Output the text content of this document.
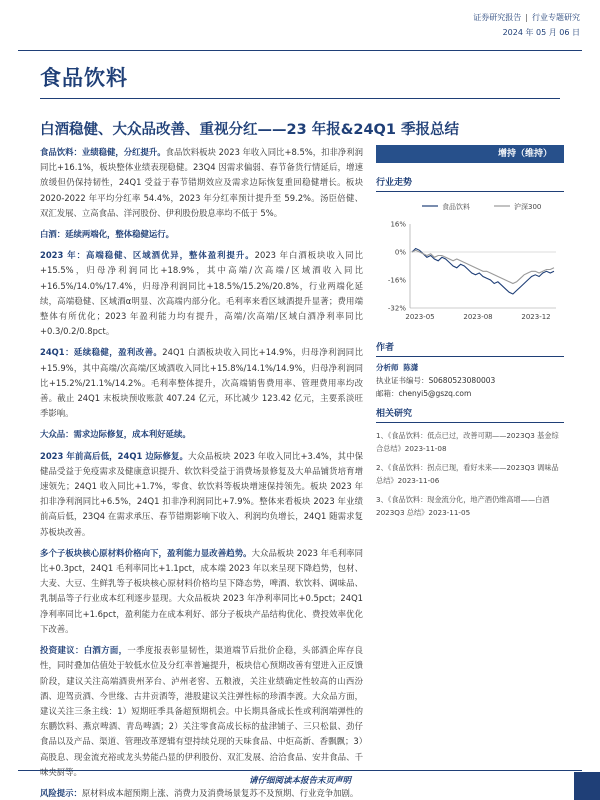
证券研究报告 | 行业专题研究
2024 年 05 月 06 日
食品饮料
白酒稳健、大众品改善、重视分红——23 年报&24Q1 季报总结

食品饮料：业绩稳健，分红提升。食品饮料板块 2023 年收入同比+8.5%，扣非净利润同比+16.1%，板块整体业绩表现稳健。23Q4 因需求偏弱、春节备货行情延后，增速放缓但仍保持韧性，24Q1 受益于春节错期效应及需求边际恢复重回稳健增长。板块 2020-2022 年平均分红率 54.4%，2023 年分红率预计提升至 59.2%。汤臣倍健、双汇发展、立高食品、洋河股份、伊利股份股息率均不低于 5%。

白酒：延续两端化，整体稳健运行。

2023 年：高端稳健、区域酒优异，整体盈利提升。2023 年白酒板块收入同比+15.5%，归母净利润同比+18.9%，其中高端/次高端/区域酒收入同比+16.5%/14.0%/17.4%，归母净利润同比+18.5%/15.2%/20.8%，行业两端化延续，高端稳健、区域酒α明显、次高端内部分化。毛利率来看区域酒提升显著；费用端整体有所优化；2023 年盈利能力均有提升，高端/次高端/区域白酒净利率同比+0.3/0.2/0.8pct。

24Q1：延续稳健，盈利改善。24Q1 白酒板块收入同比+14.9%，归母净利润同比+15.9%，其中高端/次高端/区域酒收入同比+15.8%/14.1%/14.9%，归母净利润同比+15.2%/21.1%/14.2%。毛利率整体提升，次高端销售费用率、管理费用率均改善。截止 24Q1 末板块预收账款 407.24 亿元，环比减少 123.42 亿元，主要系淡旺季影响。

大众品：需求边际修复，成本利好延续。

2023 年前高后低，24Q1 边际修复。大众品板块 2023 年收入同比+3.4%，其中保健品受益于免疫需求及健康意识提升、软饮料受益于消费场景修复及大单品铺货培育增速领先；24Q1 收入同比+1.7%，零食、软饮料等板块增速保持领先。板块 2023 年扣非净利润同比+6.5%，24Q1 扣非净利润同比+7.9%。整体来看板块 2023 年业绩前高后低，23Q4 在需求承压、春节错期影响下收入、利润均负增长，24Q1 随需求复苏板块改善。

多个子板块核心原材料价格向下，盈利能力显改善趋势。大众品板块 2023 年毛利率同比+0.3pct，24Q1 毛利率同比+1.1pct，成本端 2023 年以来呈现下降趋势，包材、大麦、大豆、生鲜乳等子板块核心原材料价格均呈下降态势，啤酒、软饮料、调味品、乳制品等子行业成本红利逐步显现。大众品板块 2023 年净利率同比+0.5pct；24Q1 净利率同比+1.6pct，盈利能力在成本利好、部分子板块产品结构优化、费投效率优化下改善。

投资建议：白酒方面，一季度报表彰显韧性，渠道端节后批价企稳，头部酒企库存良性，同时叠加估值处于较低水位及分红率普遍提升，板块信心预期改善有望进入正反馈阶段，建议关注高端酒贵州茅台、泸州老窖、五粮液，关注业绩确定性较高的山西汾酒、迎驾贡酒、今世缘、古井贡酒等，港股建议关注弹性标的珍酒李渡。大众品方面，建议关注三条主线：1）短期旺季具备超预期机会。中长期具备成长性或利润端弹性的东鹏饮料、燕京啤酒、青岛啤酒；2）关注零食高成长标的盐津铺子、三只松鼠、劲仔食品以及产品、渠道、管理改革逻辑有望持续兑现的天味食品、中炬高新、香飘飘；3）高股息、现金流充裕或龙头势能凸显的伊利股份、双汇发展、洽洽食品、安井食品、千味央厨等。

风险提示：原材料成本超预期上涨、消费力及消费场景复苏不及预期、行业竞争加剧。

增持（维持）
行业走势
食品饮料	沪深300
16%
0%
-16%
-32%
2023-05	2023-08	2023-12
作者
分析师 陈潇
执业证书编号：S0680523080003
邮箱：chenyi5@gszq.com
相关研究
1、《食品饮料：低点已过，改善可期——2023Q3 基金综合总结》2023-11-08
2、《食品饮料：拐点已现，看好未来——2023Q3 调味品总结》2023-11-06
3、《食品饮料：现金流分化，地产酒仍维高增——白酒 2023Q3 总结》2023-11-05
请仔细阅读本报告末页声明
